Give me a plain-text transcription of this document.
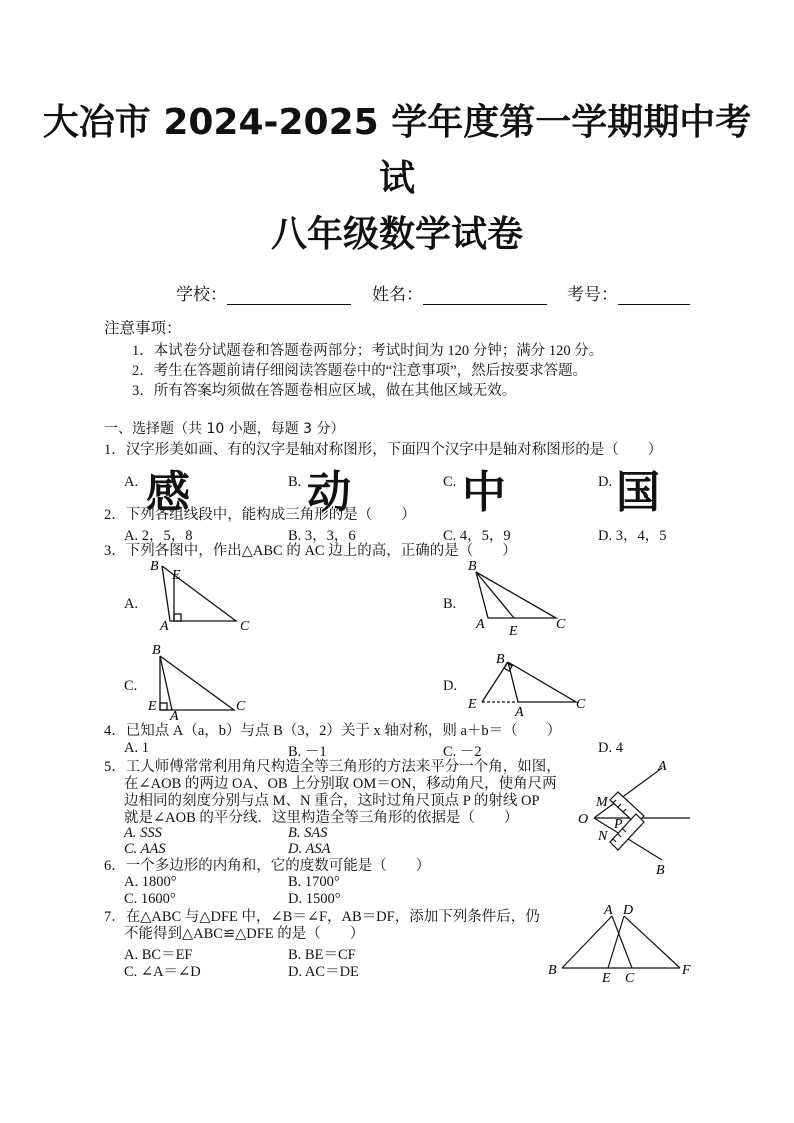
大冶市 2024-2025 学年度第一学期期中考
试
八年级数学试卷
学校：	姓名：	考号：
注意事项：
1．本试卷分试题卷和答题卷两部分；考试时间为 120 分钟；满分 120 分。
2．考生在答题前请仔细阅读答题卷中的“注意事项”，然后按要求答题。
3．所有答案均须做在答题卷相应区域，做在其他区域无效。
一、选择题（共 10 小题，每题 3 分）
1．汉字形美如画、有的汉字是轴对称图形，下面四个汉字中是轴对称图形的是（　　）
A. 感	B. 动	C. 中	D. 国
2．下列各组线段中，能构成三角形的是（　　）
A. 2，5，8	B. 3，3，6	C. 4，5，9	D. 3，4，5
3．下列各图中，作出△ABC 的 AC 边上的高，正确的是（　　）
A.	B.
C.	D.
B
E
A	C
B
A E	C
B
E
A
C
B
E
A
C
4．已知点 A（a，b）与点 B（3，2）关于 x 轴对称，则 a＋b＝（　　）
A. 1	B. －1	C. －2	D. 4
5．工人师傅常常利用角尺构造全等三角形的方法来平分一个角，如图，
在∠AOB 的两边 OA、OB 上分别取 OM＝ON，移动角尺，使角尺两
边相同的刻度分别与点 M、N 重合，这时过角尺顶点 P 的射线 OP
就是∠AOB 的平分线．这里构造全等三角形的依据是（　　）
A. SSS	B. SAS
C. AAS	D. ASA
A
B
O
M
N
P
6．一个多边形的内角和，它的度数可能是（　　）
A. 1800°	B. 1700°
C. 1600°	D. 1500°
7．在△ABC 与△DFE 中，∠B＝∠F，AB＝DF，添加下列条件后，仍
不能得到△ABC≌△DFE 的是（　　）
A. BC＝EF	B. BE＝CF
C. ∠A＝∠D	D. AC＝DE
A D
B
E C
F
